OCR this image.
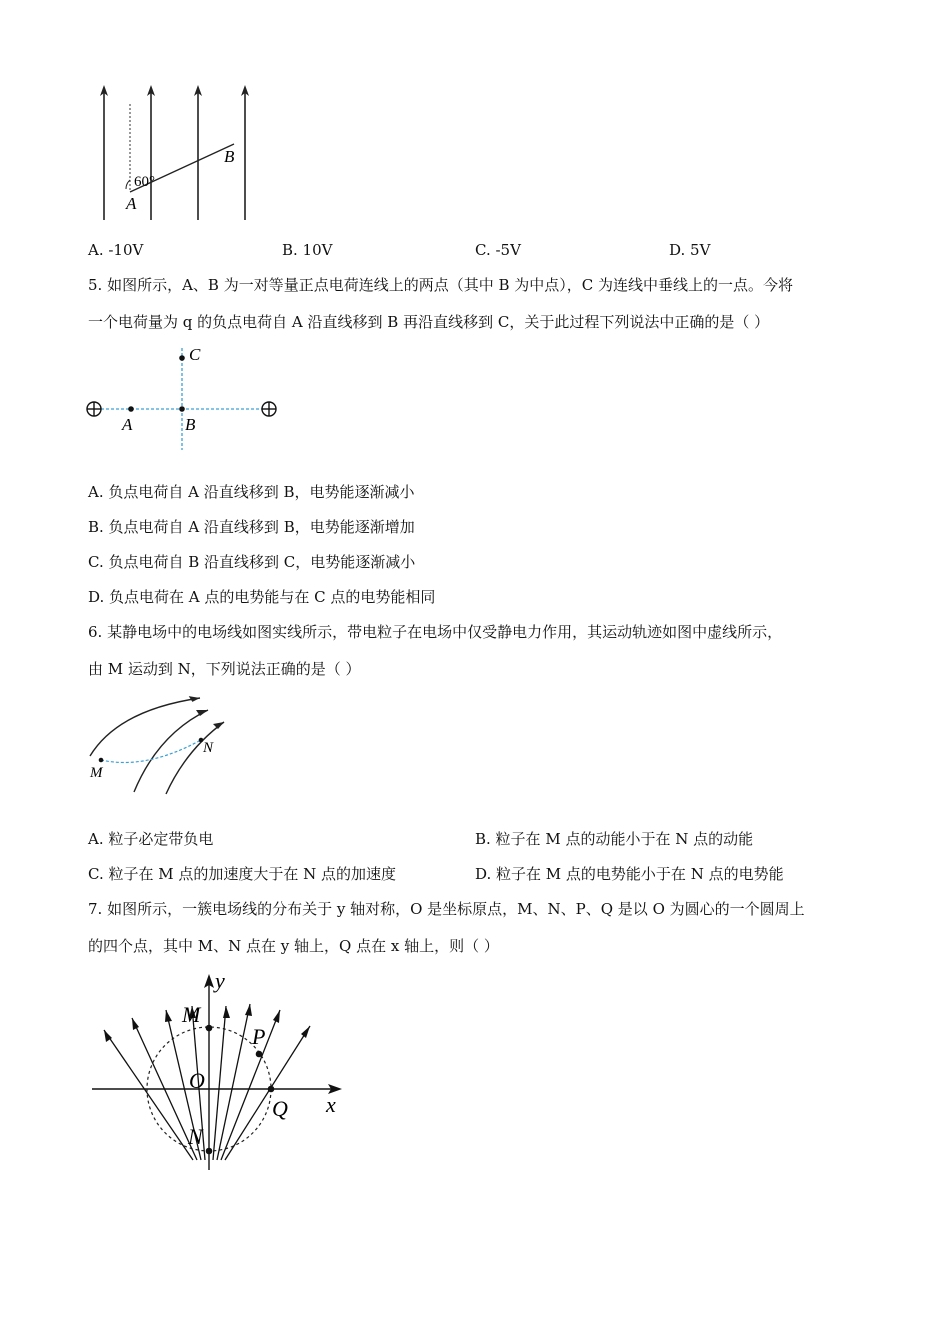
B
A
60°
A. -10V	B. 10V	C. -5V	D. 5V
5. 如图所示，A、B 为一对等量正点电荷连线上的两点（其中 B 为中点），C 为连线中垂线上的一点。今将
一个电荷量为 q 的负点电荷自 A 沿直线移到 B 再沿直线移到 C，关于此过程下列说法中正确的是（ ）
C
A	B
A. 负点电荷自 A 沿直线移到 B，电势能逐渐减小
B. 负点电荷自 A 沿直线移到 B，电势能逐渐增加
C. 负点电荷自 B 沿直线移到 C，电势能逐渐减小
D. 负点电荷在 A 点的电势能与在 C 点的电势能相同
6. 某静电场中的电场线如图实线所示，带电粒子在电场中仅受静电力作用，其运动轨迹如图中虚线所示，
由 M 运动到 N，下列说法正确的是（ ）
M
N
A. 粒子必定带负电	B. 粒子在 M 点的动能小于在 N 点的动能
C. 粒子在 M 点的加速度大于在 N 点的加速度	D. 粒子在 M 点的电势能小于在 N 点的电势能
7. 如图所示，一簇电场线的分布关于 y 轴对称，O 是坐标原点，M、N、P、Q 是以 O 为圆心的一个圆周上
的四个点，其中 M、N 点在 y 轴上，Q 点在 x 轴上，则（ ）
y
x
M
P
O
Q
N
